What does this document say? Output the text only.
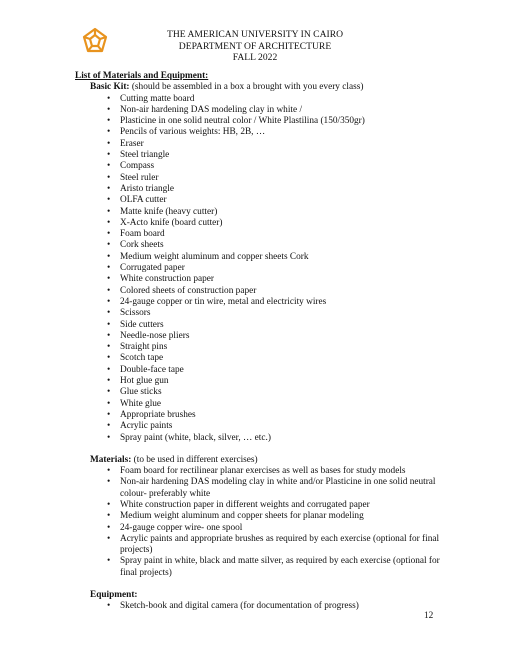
THE AMERICAN UNIVERSITY IN CAIRO
DEPARTMENT OF ARCHITECTURE
FALL 2022
List of Materials and Equipment:
Basic Kit: (should be assembled in a box a brought with you every class)
• Cutting matte board
• Non-air hardening DAS modeling clay in white /
• Plasticine in one solid neutral color / White Plastilina (150/350gr)
• Pencils of various weights: HB, 2B, …
• Eraser
• Steel triangle
• Compass
• Steel ruler
• Aristo triangle
• OLFA cutter
• Matte knife (heavy cutter)
• X-Acto knife (board cutter)
• Foam board
• Cork sheets
• Medium weight aluminum and copper sheets Cork
• Corrugated paper
• White construction paper
• Colored sheets of construction paper
• 24-gauge copper or tin wire, metal and electricity wires
• Scissors
• Side cutters
• Needle-nose pliers
• Straight pins
• Scotch tape
• Double-face tape
• Hot glue gun
• Glue sticks
• White glue
• Appropriate brushes
• Acrylic paints
• Spray paint (white, black, silver, … etc.)
Materials: (to be used in different exercises)
• Foam board for rectilinear planar exercises as well as bases for study models
• Non-air hardening DAS modeling clay in white and/or Plasticine in one solid neutral colour- preferably white
• White construction paper in different weights and corrugated paper
• Medium weight aluminum and copper sheets for planar modeling
• 24-gauge copper wire- one spool
• Acrylic paints and appropriate brushes as required by each exercise (optional for final projects)
• Spray paint in white, black and matte silver, as required by each exercise (optional for final projects)
Equipment:
• Sketch-book and digital camera (for documentation of progress)
12
